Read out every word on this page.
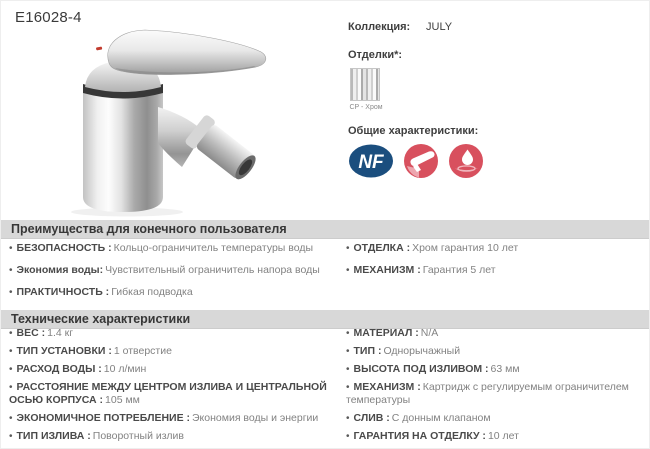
E16028-4
Коллекция:	JULY
Отделки*:
CP - Хром
Общие характеристики:
NF
Преимущества для конечного пользователя
• БЕЗОПАСНОСТЬ : Кольцо-ограничитель температуры воды	• ОТДЕЛКА : Хром гарантия 10 лет
• Экономия воды: Чувствительный ограничитель напора воды	• МЕХАНИЗМ : Гарантия 5 лет
• ПРАКТИЧНОСТЬ : Гибкая подводка
Технические характеристики
• ВЕС : 1.4 кг	• МАТЕРИАЛ : N/A
• ТИП УСТАНОВКИ : 1 отверстие	• ТИП : Однорычажный
• РАСХОД ВОДЫ : 10 л/мин	• ВЫСОТА ПОД ИЗЛИВОМ : 63 мм
• РАССТОЯНИЕ МЕЖДУ ЦЕНТРОМ ИЗЛИВА И ЦЕНТРАЛЬНОЙ ОСЬЮ КОРПУСА : 105 мм
• МЕХАНИЗМ : Картридж с регулируемым ограничителем температуры
• ЭКОНОМИЧНОЕ ПОТРЕБЛЕНИЕ : Экономия воды и энергии	• СЛИВ : С донным клапаном
• ТИП ИЗЛИВА : Поворотный излив	• ГАРАНТИЯ НА ОТДЕЛКУ : 10 лет
